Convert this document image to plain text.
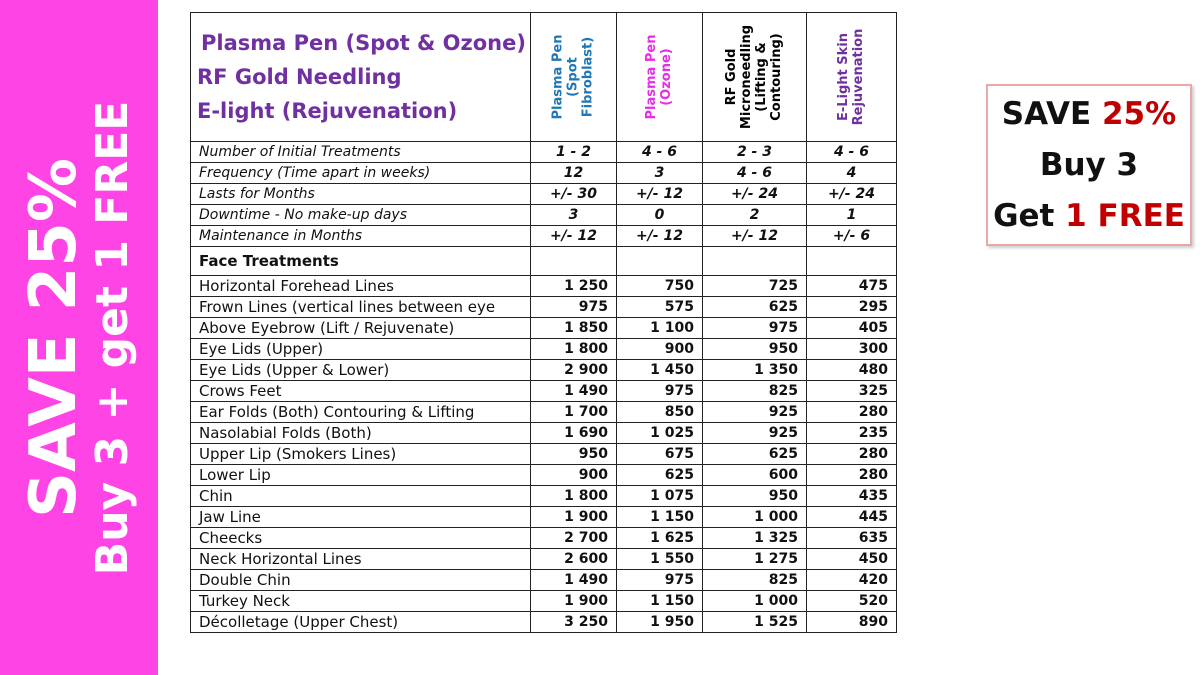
SAVE 25%
Buy 3 + get 1 FREE
Plasma Pen (Spot & Ozone)
RF Gold Needling
E-light (Rejuvenation)	Plasma Pen (Spot Fibroblast)	Plasma Pen (Ozone)	RF Gold Microneedling (Lifting & Contouring)	E-Light Skin Rejuvenation

Number of Initial Treatments	1 - 2	4 - 6	2 - 3	4 - 6
Frequency (Time apart in weeks)	12	3	4 - 6	4
Lasts for Months	+/- 30	+/- 12	+/- 24	+/- 24
Downtime - No make-up days	3	0	2	1
Maintenance in Months	+/- 12	+/- 12	+/- 12	+/- 6
Face Treatments				
Horizontal Forehead Lines	1 250	750	725	475
Frown Lines (vertical lines between eye	975	575	625	295
Above Eyebrow (Lift / Rejuvenate)	1 850	1 100	975	405
Eye Lids (Upper)	1 800	900	950	300
Eye Lids (Upper & Lower)	2 900	1 450	1 350	480
Crows Feet	1 490	975	825	325
Ear Folds (Both) Contouring & Lifting	1 700	850	925	280
Nasolabial Folds (Both)	1 690	1 025	925	235
Upper Lip (Smokers Lines)	950	675	625	280
Lower Lip	900	625	600	280
Chin	1 800	1 075	950	435
Jaw Line	1 900	1 150	1 000	445
Cheecks	2 700	1 625	1 325	635
Neck Horizontal Lines	2 600	1 550	1 275	450
Double Chin	1 490	975	825	420
Turkey Neck	1 900	1 150	1 000	520
Décolletage (Upper Chest)	3 250	1 950	1 525	890
SAVE 25%
Buy 3
Get 1 FREE
